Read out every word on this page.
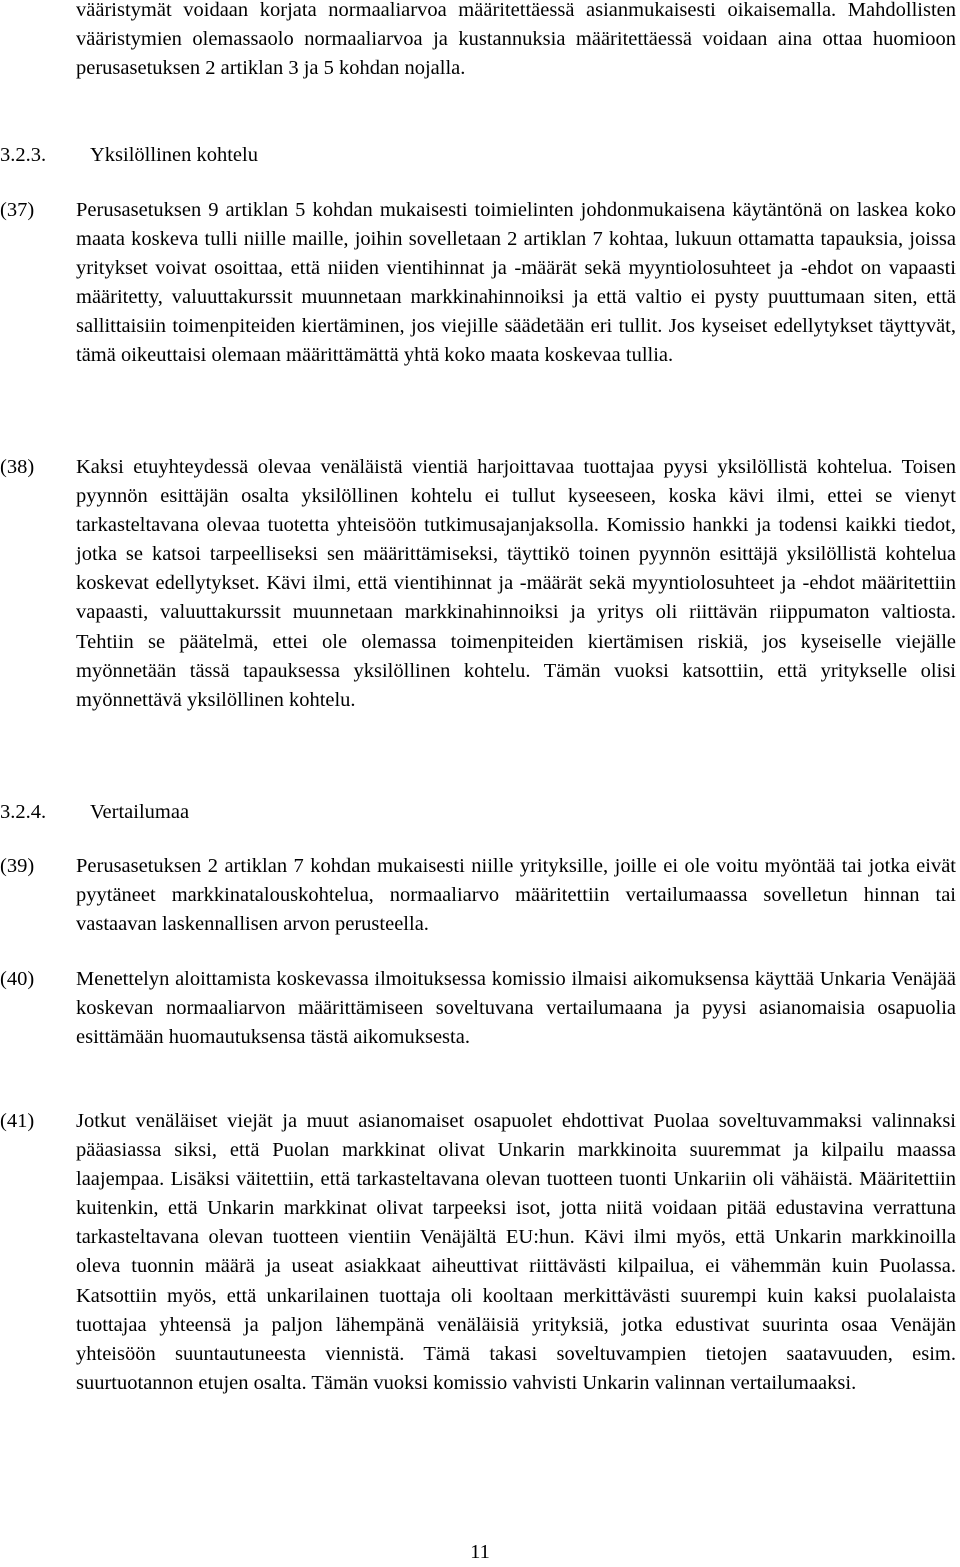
vääristymät voidaan korjata normaaliarvoa määritettäessä asianmukaisesti oikaisemalla. Mahdollisten vääristymien olemassaolo normaaliarvoa ja kustannuksia määritettäessä voidaan aina ottaa huomioon perusasetuksen 2 artiklan 3 ja 5 kohdan nojalla.
3.2.3. Yksilöllinen kohtelu
(37) Perusasetuksen 9 artiklan 5 kohdan mukaisesti toimielinten johdonmukaisena käytäntönä on laskea koko maata koskeva tulli niille maille, joihin sovelletaan 2 artiklan 7 kohtaa, lukuun ottamatta tapauksia, joissa yritykset voivat osoittaa, että niiden vientihinnat ja -määrät sekä myyntiolosuhteet ja -ehdot on vapaasti määritetty, valuuttakurssit muunnetaan markkinahinnoiksi ja että valtio ei pysty puuttumaan siten, että sallittaisiin toimenpiteiden kiertäminen, jos viejille säädetään eri tullit. Jos kyseiset edellytykset täyttyvät, tämä oikeuttaisi olemaan määrittämättä yhtä koko maata koskevaa tullia.
(38) Kaksi etuyhteydessä olevaa venäläistä vientiä harjoittavaa tuottajaa pyysi yksilöllistä kohtelua. Toisen pyynnön esittäjän osalta yksilöllinen kohtelu ei tullut kyseeseen, koska kävi ilmi, ettei se vienyt tarkasteltavana olevaa tuotetta yhteisöön tutkimusajanjaksolla. Komissio hankki ja todensi kaikki tiedot, jotka se katsoi tarpeelliseksi sen määrittämiseksi, täyttikö toinen pyynnön esittäjä yksilöllistä kohtelua koskevat edellytykset. Kävi ilmi, että vientihinnat ja -määrät sekä myyntiolosuhteet ja -ehdot määritettiin vapaasti, valuuttakurssit muunnetaan markkinahinnoiksi ja yritys oli riittävän riippumaton valtiosta. Tehtiin se päätelmä, ettei ole olemassa toimenpiteiden kiertämisen riskiä, jos kyseiselle viejälle myönnetään tässä tapauksessa yksilöllinen kohtelu. Tämän vuoksi katsottiin, että yritykselle olisi myönnettävä yksilöllinen kohtelu.
3.2.4. Vertailumaa
(39) Perusasetuksen 2 artiklan 7 kohdan mukaisesti niille yrityksille, joille ei ole voitu myöntää tai jotka eivät pyytäneet markkinatalouskohtelua, normaaliarvo määritettiin vertailumaassa sovelletun hinnan tai vastaavan laskennallisen arvon perusteella.
(40) Menettelyn aloittamista koskevassa ilmoituksessa komissio ilmaisi aikomuksensa käyttää Unkaria Venäjää koskevan normaaliarvon määrittämiseen soveltuvana vertailumaana ja pyysi asianomaisia osapuolia esittämään huomautuksensa tästä aikomuksesta.
(41) Jotkut venäläiset viejät ja muut asianomaiset osapuolet ehdottivat Puolaa soveltuvammaksi valinnaksi pääasiassa siksi, että Puolan markkinat olivat Unkarin markkinoita suuremmat ja kilpailu maassa laajempaa. Lisäksi väitettiin, että tarkasteltavana olevan tuotteen tuonti Unkariin oli vähäistä. Määritettiin kuitenkin, että Unkarin markkinat olivat tarpeeksi isot, jotta niitä voidaan pitää edustavina verrattuna tarkasteltavana olevan tuotteen vientiin Venäjältä EU:hun. Kävi ilmi myös, että Unkarin markkinoilla oleva tuonnin määrä ja useat asiakkaat aiheuttivat riittävästi kilpailua, ei vähemmän kuin Puolassa. Katsottiin myös, että unkarilainen tuottaja oli kooltaan merkittävästi suurempi kuin kaksi puolalaista tuottajaa yhteensä ja paljon lähempänä venäläisiä yrityksiä, jotka edustivat suurinta osaa Venäjän yhteisöön suuntautuneesta viennistä. Tämä takasi soveltuvampien tietojen saatavuuden, esim. suurtuotannon etujen osalta. Tämän vuoksi komissio vahvisti Unkarin valinnan vertailumaaksi.
11
